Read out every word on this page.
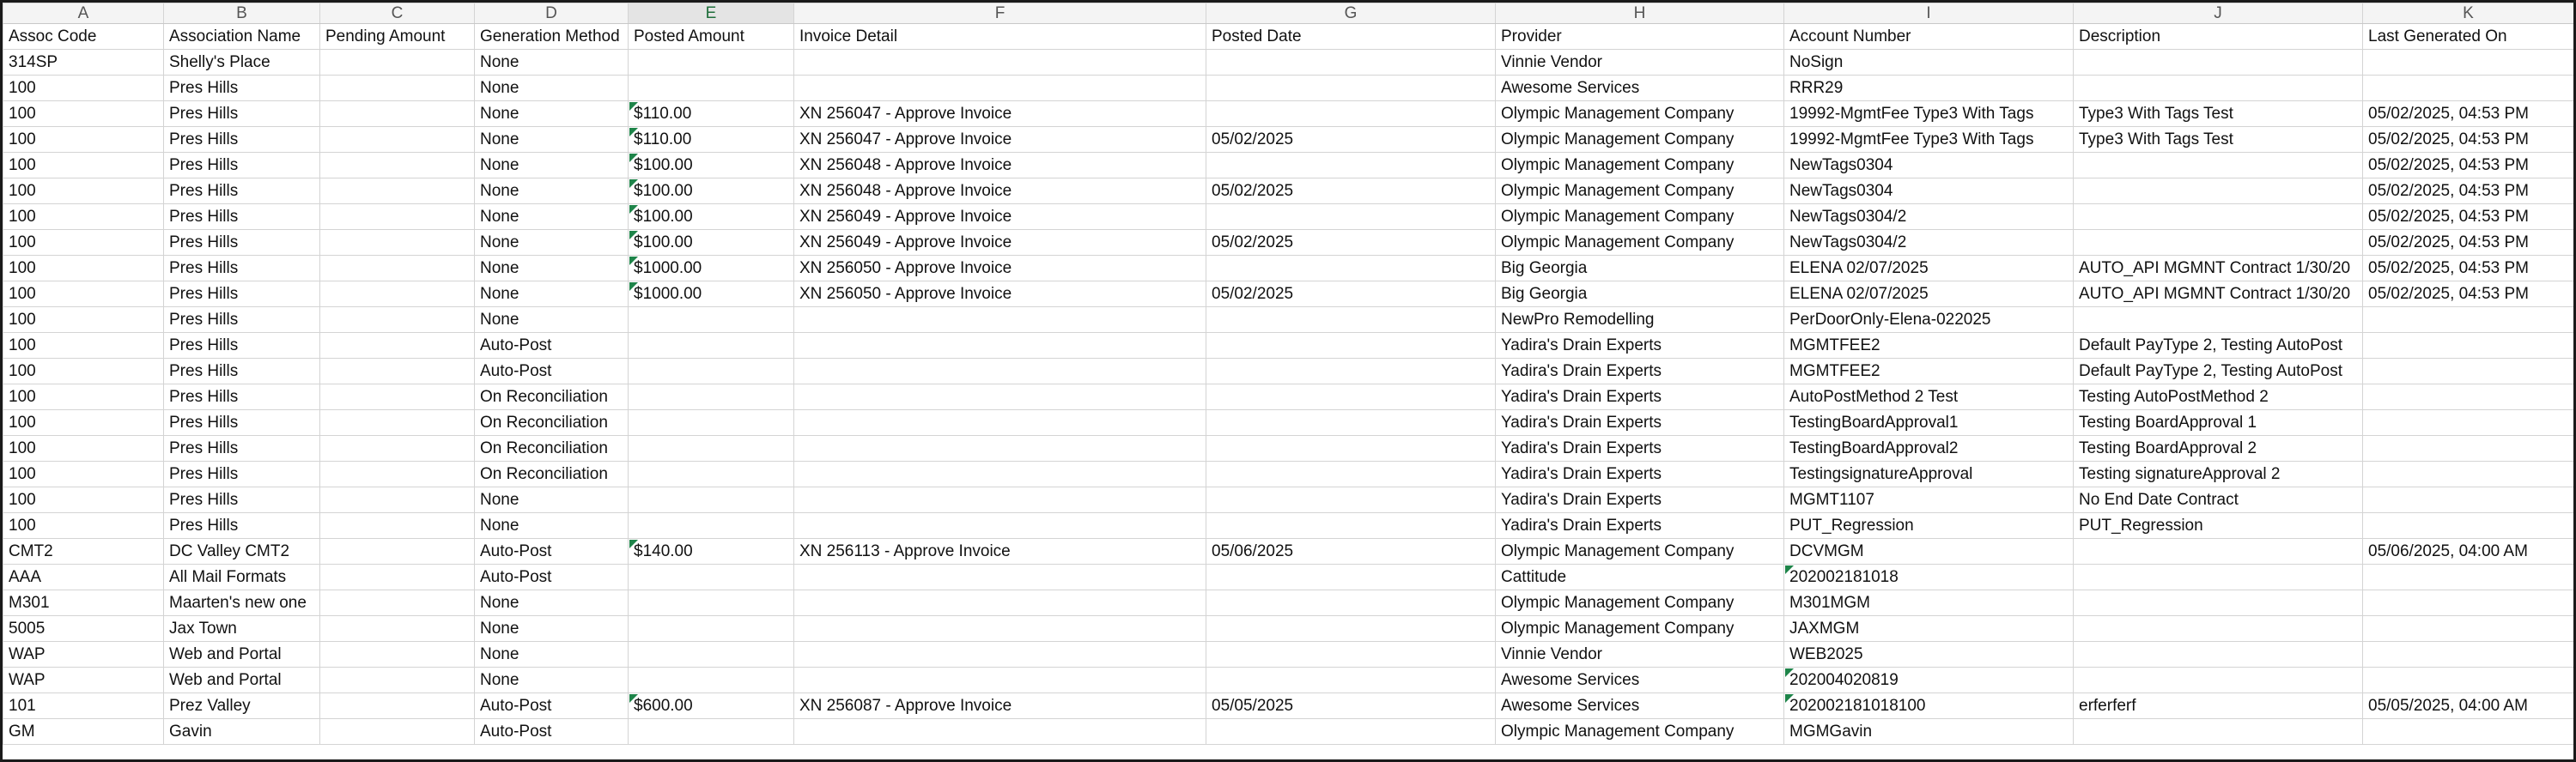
A	B	C	D	E	F	G	H	I	J	K
Assoc Code	Association Name	Pending Amount	Generation Method	Posted Amount	Invoice Detail	Posted Date	Provider	Account Number	Description	Last Generated On
314SP	Shelly's Place		None				Vinnie Vendor	NoSign		
100	Pres Hills		None				Awesome Services	RRR29		
100	Pres Hills		None	$110.00	XN 256047 - Approve Invoice		Olympic Management Company	19992-MgmtFee Type3 With Tags	Type3 With Tags Test	05/02/2025, 04:53 PM
100	Pres Hills		None	$110.00	XN 256047 - Approve Invoice	05/02/2025	Olympic Management Company	19992-MgmtFee Type3 With Tags	Type3 With Tags Test	05/02/2025, 04:53 PM
100	Pres Hills		None	$100.00	XN 256048 - Approve Invoice		Olympic Management Company	NewTags0304		05/02/2025, 04:53 PM
100	Pres Hills		None	$100.00	XN 256048 - Approve Invoice	05/02/2025	Olympic Management Company	NewTags0304		05/02/2025, 04:53 PM
100	Pres Hills		None	$100.00	XN 256049 - Approve Invoice		Olympic Management Company	NewTags0304/2		05/02/2025, 04:53 PM
100	Pres Hills		None	$100.00	XN 256049 - Approve Invoice	05/02/2025	Olympic Management Company	NewTags0304/2		05/02/2025, 04:53 PM
100	Pres Hills		None	$1000.00	XN 256050 - Approve Invoice		Big Georgia	ELENA 02/07/2025	AUTO_API MGMNT Contract 1/30/20	05/02/2025, 04:53 PM
100	Pres Hills		None	$1000.00	XN 256050 - Approve Invoice	05/02/2025	Big Georgia	ELENA 02/07/2025	AUTO_API MGMNT Contract 1/30/20	05/02/2025, 04:53 PM
100	Pres Hills		None				NewPro Remodelling	PerDoorOnly-Elena-022025		
100	Pres Hills		Auto-Post				Yadira's Drain Experts	MGMTFEE2	Default PayType 2, Testing AutoPost	
100	Pres Hills		Auto-Post				Yadira's Drain Experts	MGMTFEE2	Default PayType 2, Testing AutoPost	
100	Pres Hills		On Reconciliation				Yadira's Drain Experts	AutoPostMethod 2 Test	Testing AutoPostMethod 2	
100	Pres Hills		On Reconciliation				Yadira's Drain Experts	TestingBoardApproval1	Testing BoardApproval 1	
100	Pres Hills		On Reconciliation				Yadira's Drain Experts	TestingBoardApproval2	Testing BoardApproval 2	
100	Pres Hills		On Reconciliation				Yadira's Drain Experts	TestingsignatureApproval	Testing signatureApproval 2	
100	Pres Hills		None				Yadira's Drain Experts	MGMT1107	No End Date Contract	
100	Pres Hills		None				Yadira's Drain Experts	PUT_Regression	PUT_Regression	
CMT2	DC Valley CMT2		Auto-Post	$140.00	XN 256113 - Approve Invoice	05/06/2025	Olympic Management Company	DCVMGM		05/06/2025, 04:00 AM
AAA	All Mail Formats		Auto-Post				Cattitude	202002181018		
M301	Maarten's new one		None				Olympic Management Company	M301MGM		
5005	Jax Town		None				Olympic Management Company	JAXMGM		
WAP	Web and Portal		None				Vinnie Vendor	WEB2025		
WAP	Web and Portal		None				Awesome Services	202004020819		
101	Prez Valley		Auto-Post	$600.00	XN 256087 - Approve Invoice	05/05/2025	Awesome Services	202002181018100	erferferf	05/05/2025, 04:00 AM
GM	Gavin		Auto-Post				Olympic Management Company	MGMGavin		
